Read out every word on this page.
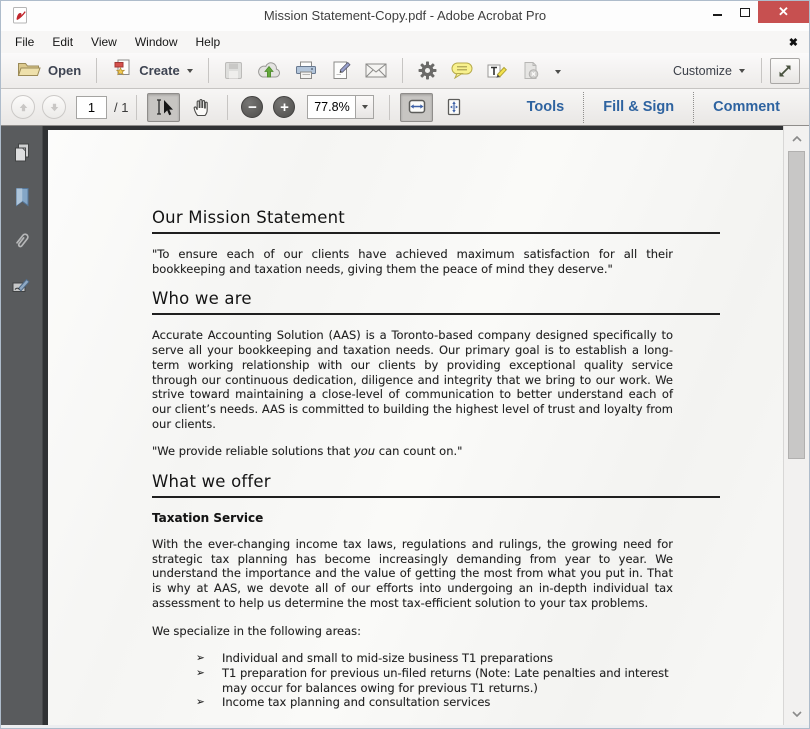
Mission Statement-Copy.pdf - Adobe Acrobat Pro	✕
File	Edit	View	Window	Help	✖
Open	Create	Customize
1
/ 1	− +
77.8%	Tools	Fill & Sign	Comment
Our Mission Statement

"To ensure each of our clients have achieved maximum satisfaction for all their bookkeeping and taxation needs, giving them the peace of mind they deserve."

Who we are

Accurate Accounting Solution (AAS) is a Toronto-based company designed specifically to serve all your bookkeeping and taxation needs. Our primary goal is to establish a long-term working relationship with our clients by providing exceptional quality service through our continuous dedication, diligence and integrity that we bring to our work. We strive toward maintaining a close-level of communication to better understand each of our client’s needs. AAS is committed to building the highest level of trust and loyalty from our clients.

"We provide reliable solutions that you can count on."

What we offer
Taxation Service

With the ever-changing income tax laws, regulations and rulings, the growing need for strategic tax planning has become increasingly demanding from year to year. We understand the importance and the value of getting the most from what you put in. That is why at AAS, we devote all of our efforts into undergoing an in-depth individual tax assessment to help us determine the most tax-efficient solution to your tax problems.

We specialize in the following areas:

➢ Individual and small to mid-size business T1 preparations
➢ T1 preparation for previous un-filed returns (Note: Late penalties and interest may occur for balances owing for previous T1 returns.)
➢ Income tax planning and consultation services
